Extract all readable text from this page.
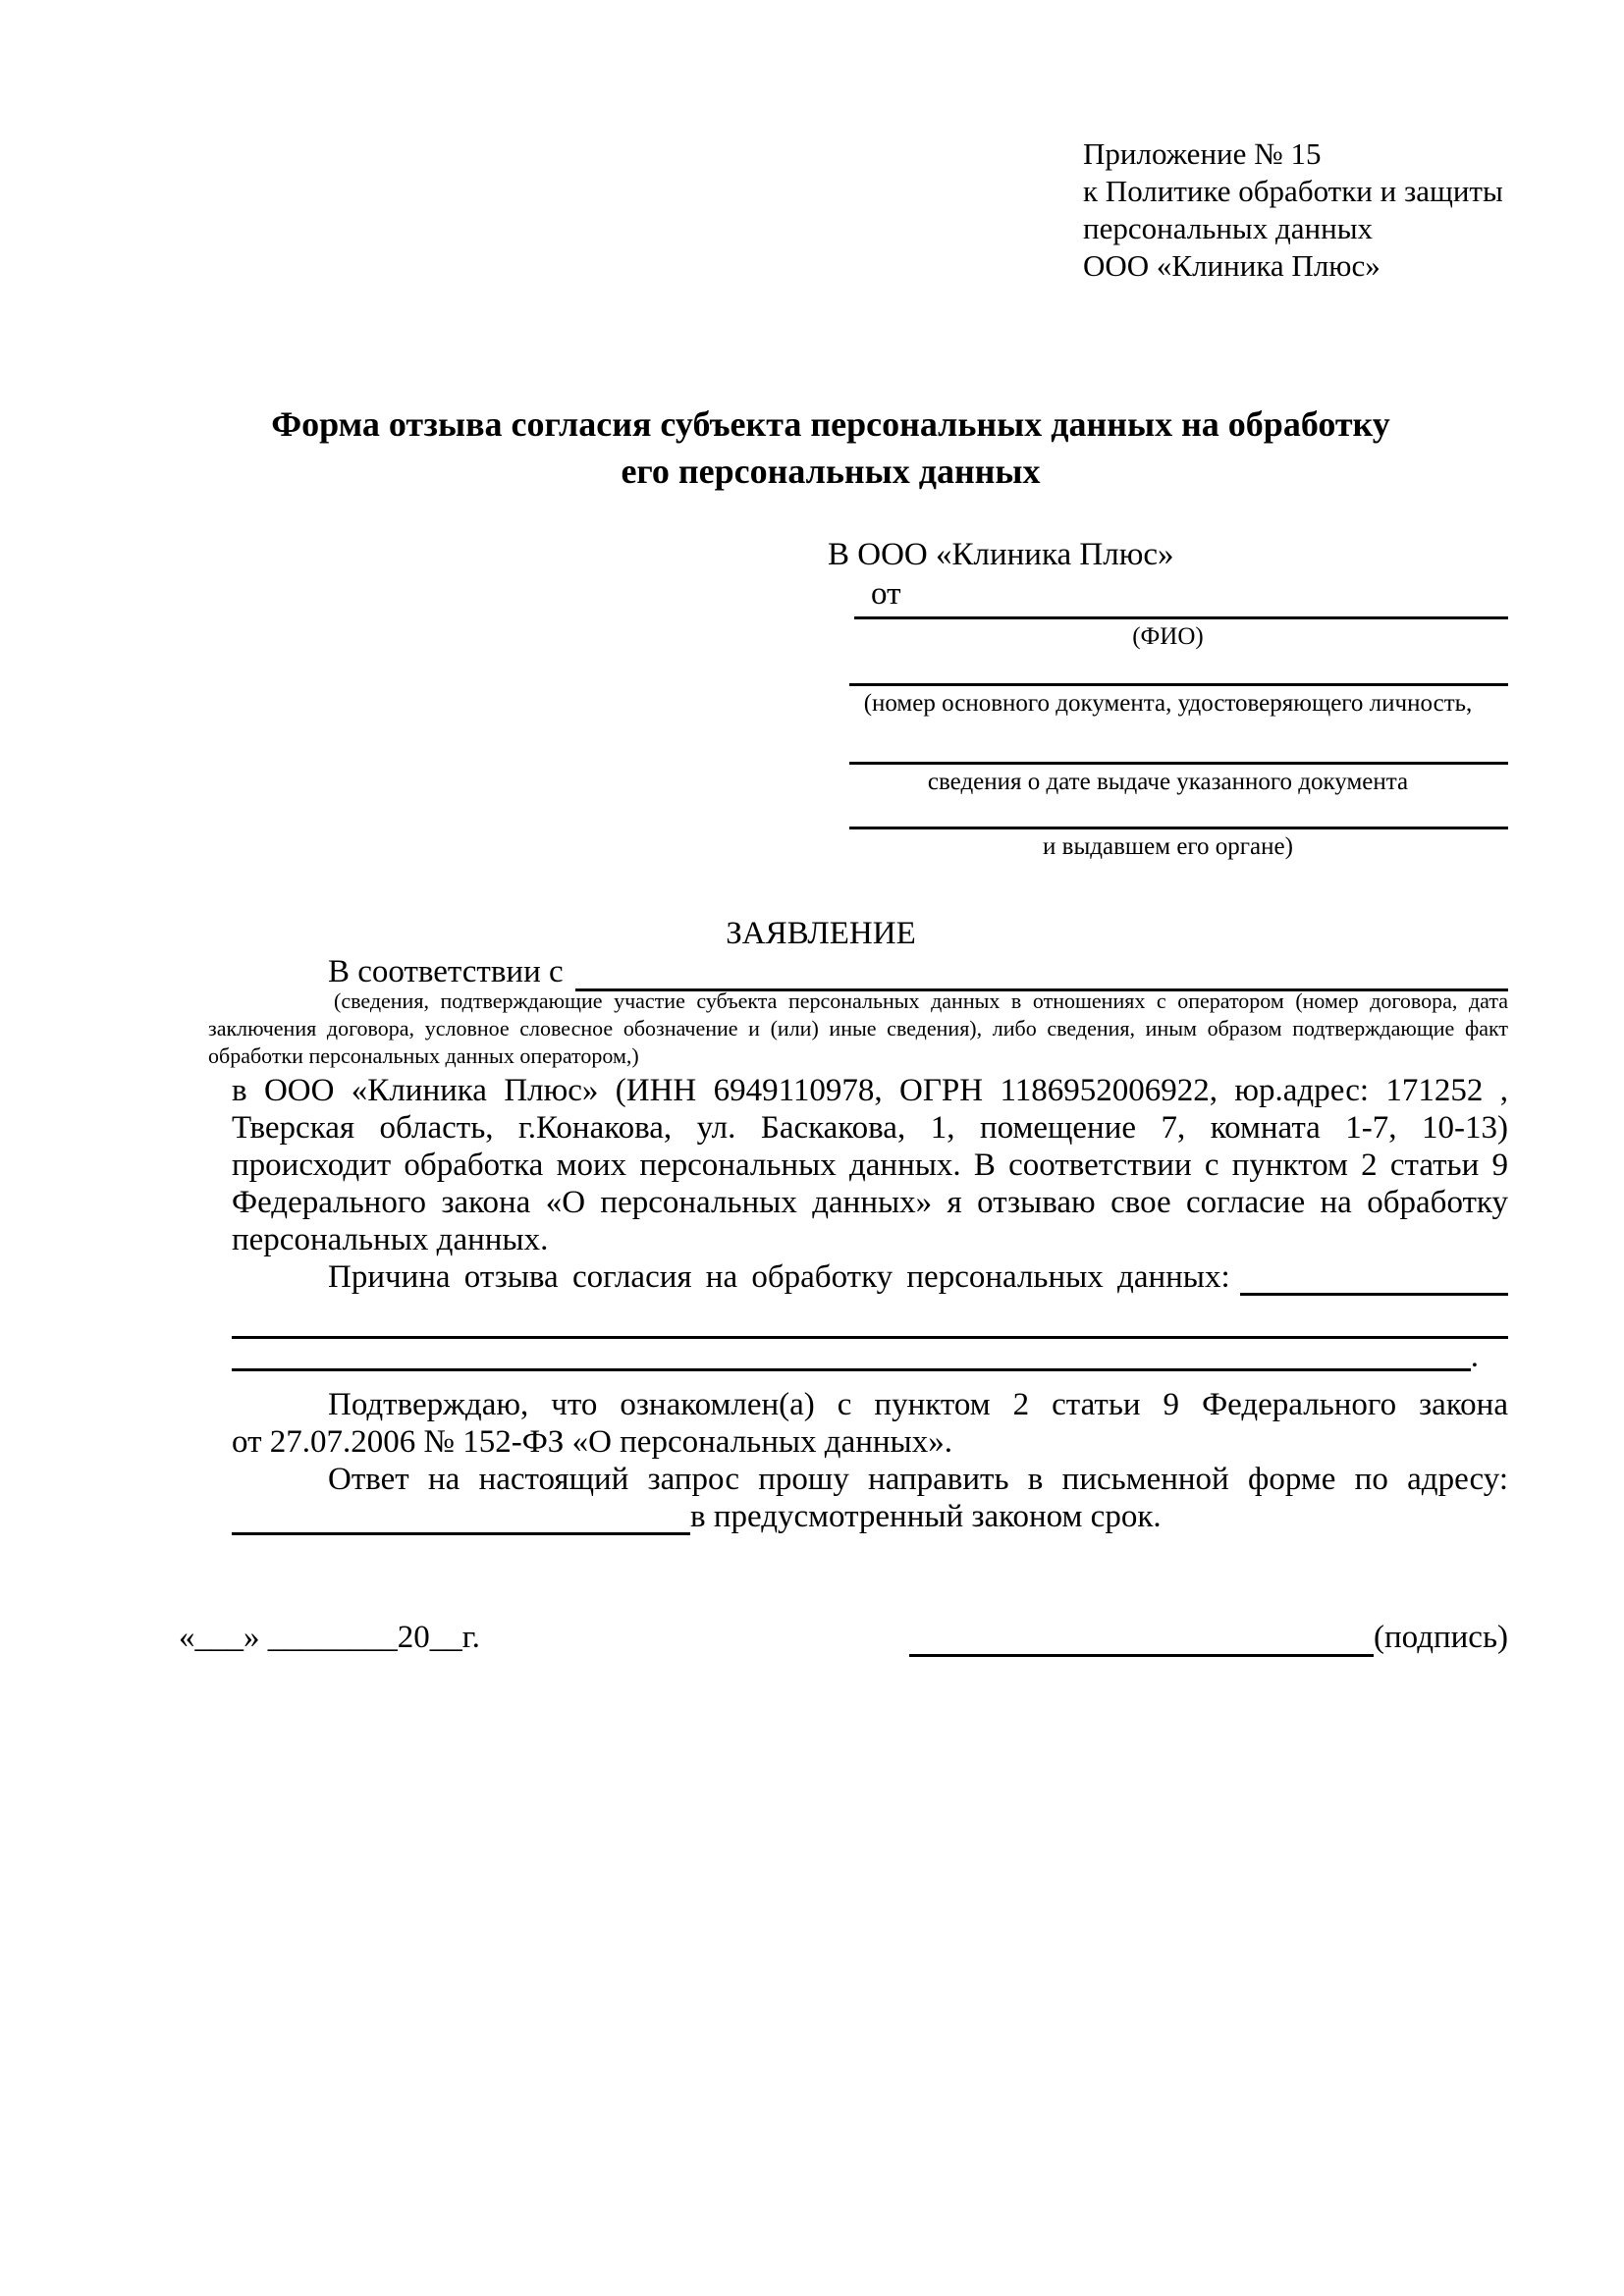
Приложение № 15
к Политике обработки и защиты
персональных данных
ООО «Клиника Плюс»
Форма отзыва согласия субъекта персональных данных на обработку
его персональных данных
В ООО «Клиника Плюс»
от
(ФИО)
(номер основного документа, удостоверяющего личность,
сведения о дате выдаче указанного документа
и выдавшем его органе)
ЗАЯВЛЕНИЕ
В соответствии с
(сведения, подтверждающие участие субъекта персональных данных в отношениях с оператором (номер договора, дата
заключения договора, условное словесное обозначение и (или) иные сведения), либо сведения, иным образом подтверждающие факт
обработки персональных данных оператором,)
в ООО «Клиника Плюс» (ИНН 6949110978, ОГРН 1186952006922, юр.адрес: 171252 ,
Тверская область, г.Конакова, ул. Баскакова, 1, помещение 7, комната 1-7, 10-13)
происходит обработка моих персональных данных. В соответствии с пунктом 2 статьи 9
Федерального закона «О персональных данных» я отзываю свое согласие на обработку
персональных данных.
Причина отзыва согласия на обработку персональных данных:
.
Подтверждаю, что ознакомлен(а) с пунктом 2 статьи 9 Федерального закона
от 27.07.2006 № 152-ФЗ «О персональных данных».
Ответ на настоящий запрос прошу направить в письменной форме по адресу:
в предусмотренный законом срок.
«___» ________20__г.	(подпись)
